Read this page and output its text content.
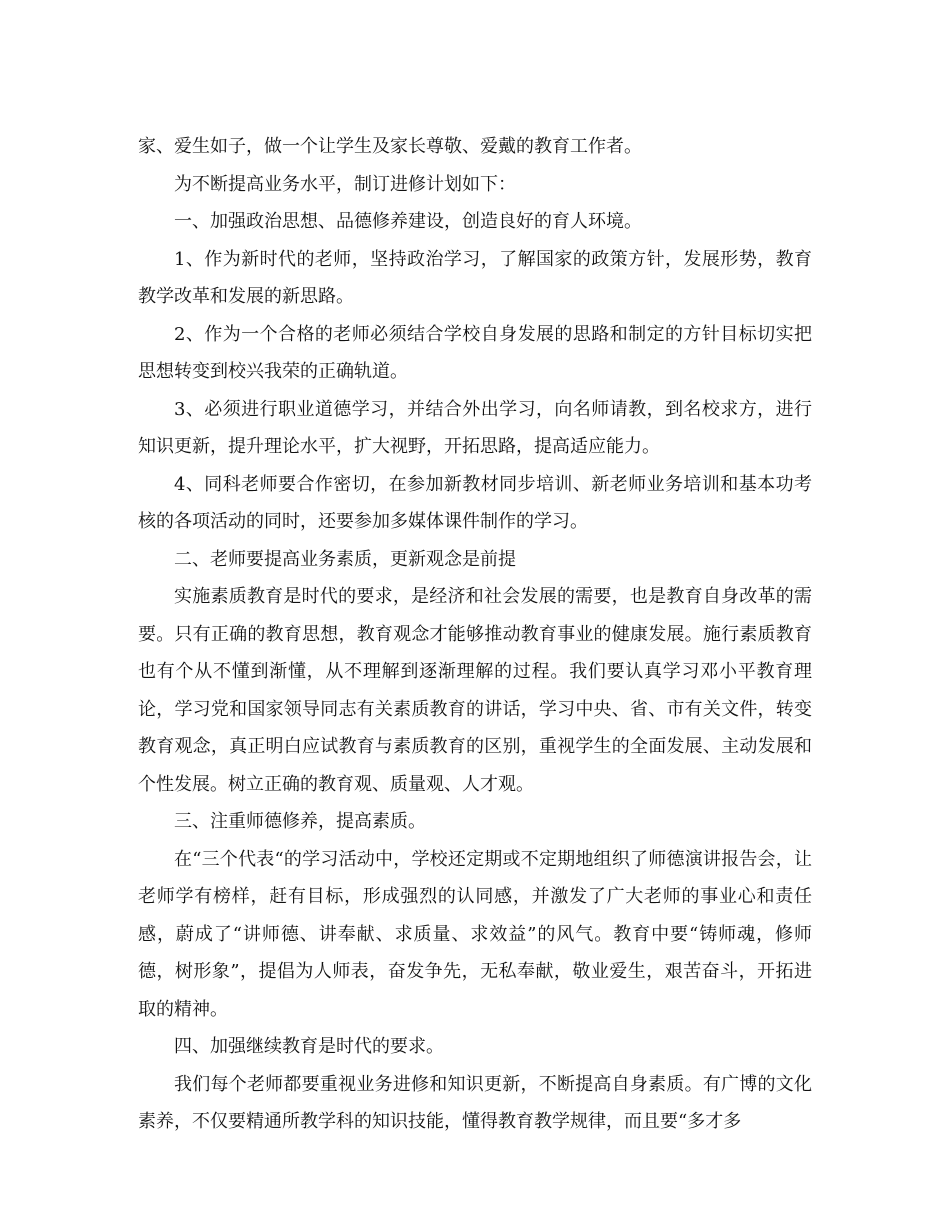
家、爱生如子，做一个让学生及家长尊敬、爱戴的教育工作者。

为不断提高业务水平，制订进修计划如下：

一、加强政治思想、品德修养建设，创造良好的育人环境。

1、作为新时代的老师，坚持政治学习，了解国家的政策方针，发展形势，教育教学改革和发展的新思路。

2、作为一个合格的老师必须结合学校自身发展的思路和制定的方针目标切实把思想转变到校兴我荣的正确轨道。

3、必须进行职业道德学习，并结合外出学习，向名师请教，到名校求方，进行知识更新，提升理论水平，扩大视野，开拓思路，提高适应能力。

4、同科老师要合作密切，在参加新教材同步培训、新老师业务培训和基本功考核的各项活动的同时，还要参加多媒体课件制作的学习。

二、老师要提高业务素质，更新观念是前提

实施素质教育是时代的要求，是经济和社会发展的需要，也是教育自身改革的需要。只有正确的教育思想，教育观念才能够推动教育事业的健康发展。施行素质教育也有个从不懂到渐懂，从不理解到逐渐理解的过程。我们要认真学习邓小平教育理论，学习党和国家领导同志有关素质教育的讲话，学习中央、省、市有关文件，转变教育观念，真正明白应试教育与素质教育的区别，重视学生的全面发展、主动发展和个性发展。树立正确的教育观、质量观、人才观。

三、注重师德修养，提高素质。

在“三个代表“的学习活动中，学校还定期或不定期地组织了师德演讲报告会，让老师学有榜样，赶有目标，形成强烈的认同感，并激发了广大老师的事业心和责任感，蔚成了“讲师德、讲奉献、求质量、求效益”的风气。教育中要“铸师魂，修师德，树形象”，提倡为人师表，奋发争先，无私奉献，敬业爱生，艰苦奋斗，开拓进取的精神。

四、加强继续教育是时代的要求。

我们每个老师都要重视业务进修和知识更新，不断提高自身素质。有广博的文化素养，不仅要精通所教学科的知识技能，懂得教育教学规律，而且要“多才多
